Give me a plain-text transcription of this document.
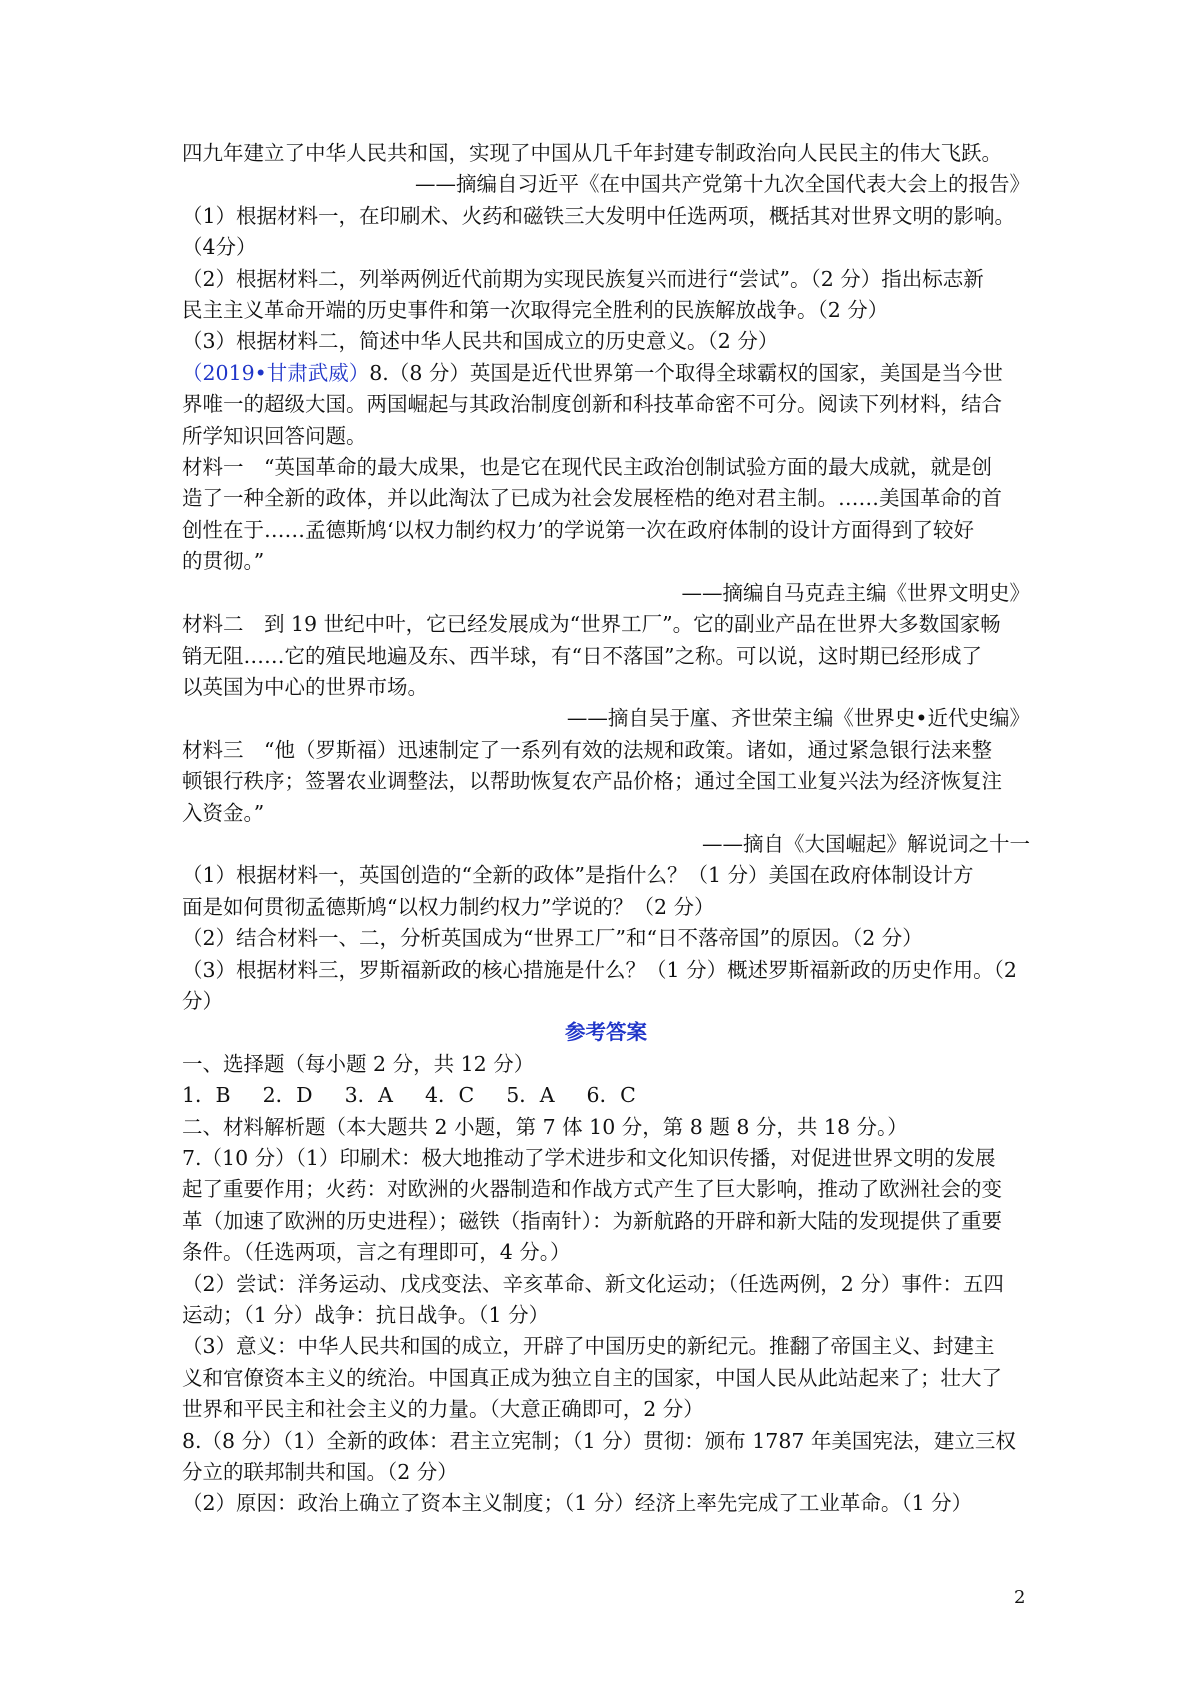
四九年建立了中华人民共和国，实现了中国从几千年封建专制政治向人民民主的伟大飞跃。

——摘编自习近平《在中国共产党第十九次全国代表大会上的报告》

（1）根据材料一，在印刷术、火药和磁铁三大发明中任选两项，概括其对世界文明的影响。

（4分）

（2）根据材料二，列举两例近代前期为实现民族复兴而进行“尝试”。（2 分）指出标志新

民主主义革命开端的历史事件和第一次取得完全胜利的民族解放战争。（2 分）

（3）根据材料二，简述中华人民共和国成立的历史意义。（2 分）

（2019•甘肃武威）8.（8 分）英国是近代世界第一个取得全球霸权的国家，美国是当今世

界唯一的超级大国。两国崛起与其政治制度创新和科技革命密不可分。阅读下列材料，结合

所学知识回答问题。

材料一　“英国革命的最大成果，也是它在现代民主政治创制试验方面的最大成就，就是创

造了一种全新的政体，并以此淘汰了已成为社会发展桎梏的绝对君主制。……美国革命的首

创性在于……孟德斯鸠‘以权力制约权力’的学说第一次在政府体制的设计方面得到了较好

的贯彻。”

——摘编自马克垚主编《世界文明史》

材料二　到 19 世纪中叶，它已经发展成为“世界工厂”。它的副业产品在世界大多数国家畅

销无阻……它的殖民地遍及东、西半球，有“日不落国”之称。可以说，这时期已经形成了

以英国为中心的世界市场。

——摘自吴于廑、齐世荣主编《世界史•近代史编》

材料三　“他（罗斯福）迅速制定了一系列有效的法规和政策。诸如，通过紧急银行法来整

顿银行秩序；签署农业调整法，以帮助恢复农产品价格；通过全国工业复兴法为经济恢复注

入资金。”

——摘自《大国崛起》解说词之十一

（1）根据材料一，英国创造的“全新的政体”是指什么？（1 分）美国在政府体制设计方

面是如何贯彻孟德斯鸠“以权力制约权力”学说的？（2 分）

（2）结合材料一、二，分析英国成为“世界工厂”和“日不落帝国”的原因。（2 分）

（3）根据材料三，罗斯福新政的核心措施是什么？（1 分）概述罗斯福新政的历史作用。（2

分）

参考答案

一、选择题（每小题 2 分，共 12 分）

1．B 2．D 3．A 4．C 5．A 6．C

二、材料解析题（本大题共 2 小题，第 7 体 10 分，第 8 题 8 分，共 18 分。）

7.（10 分）（1）印刷术：极大地推动了学术进步和文化知识传播，对促进世界文明的发展

起了重要作用；火药：对欧洲的火器制造和作战方式产生了巨大影响，推动了欧洲社会的变

革（加速了欧洲的历史进程）；磁铁（指南针）：为新航路的开辟和新大陆的发现提供了重要

条件。（任选两项，言之有理即可，4 分。）

（2）尝试：洋务运动、戊戌变法、辛亥革命、新文化运动；（任选两例，2 分）事件：五四

运动；（1 分）战争：抗日战争。（1 分）

（3）意义：中华人民共和国的成立，开辟了中国历史的新纪元。推翻了帝国主义、封建主

义和官僚资本主义的统治。中国真正成为独立自主的国家，中国人民从此站起来了；壮大了

世界和平民主和社会主义的力量。（大意正确即可，2 分）

8.（8 分）（1）全新的政体：君主立宪制；（1 分）贯彻：颁布 1787 年美国宪法，建立三权

分立的联邦制共和国。（2 分）

（2）原因：政治上确立了资本主义制度；（1 分）经济上率先完成了工业革命。（1 分）

2
